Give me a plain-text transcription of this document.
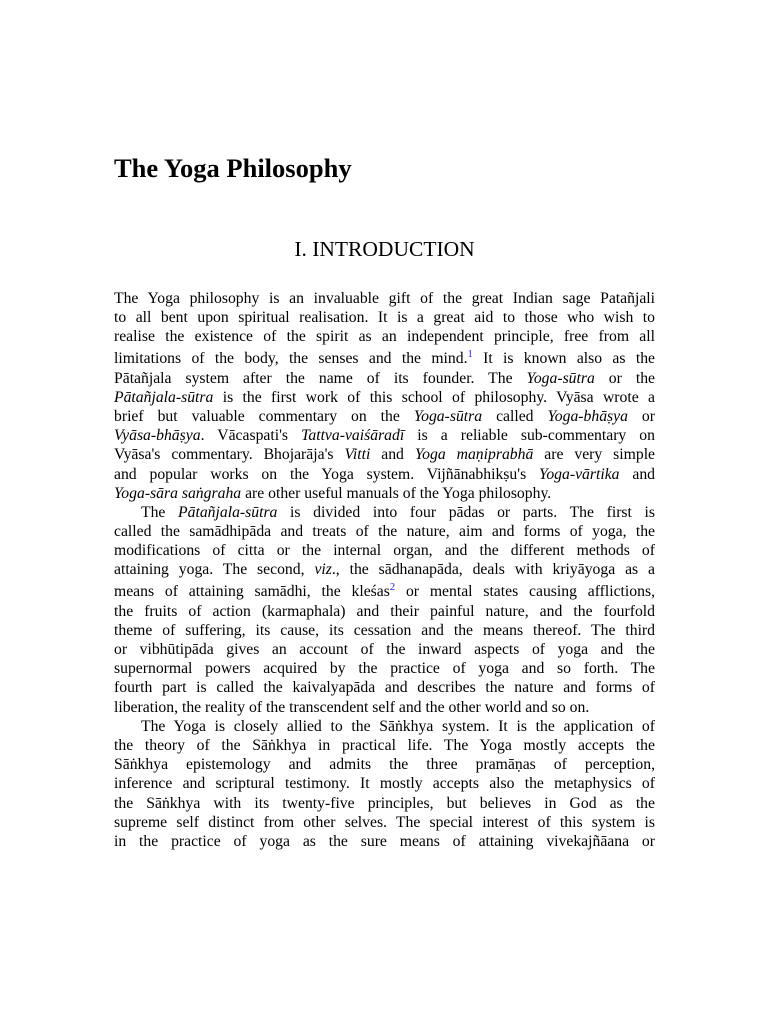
The Yoga Philosophy
I. INTRODUCTION
The Yoga philosophy is an invaluable gift of the great Indian sage Patañjali
to all bent upon spiritual realisation. It is a great aid to those who wish to
realise the existence of the spirit as an independent principle, free from all
limitations of the body, the senses and the mind.$^1$ It is known also as the
Pātañjala system after the name of its founder. The Yoga-sūtra or the
Pātañjala-sūtra is the first work of this school of philosophy. Vyāsa wrote a
brief but valuable commentary on the Yoga-sūtra called Yoga-bhāṣya or
Vyāsa-bhāṣya. Vācaspati's Tattva-vaiśāradī is a reliable sub-commentary on
Vyāsa's commentary. Bhojarāja's Vitti and Yoga maṇiprabhā are very simple
and popular works on the Yoga system. Vijñānabhikṣu's Yoga-vārtika and
Yoga-sāra saṅgraha are other useful manuals of the Yoga philosophy.
The Pātañjala-sūtra is divided into four pādas or parts. The first is
called the samādhipāda and treats of the nature, aim and forms of yoga, the
modifications of citta or the internal organ, and the different methods of
attaining yoga. The second, viz., the sādhanapāda, deals with kriyāyoga as a
means of attaining samādhi, the kleśas$^2$ or mental states causing afflictions,
the fruits of action (karmaphala) and their painful nature, and the fourfold
theme of suffering, its cause, its cessation and the means thereof. The third
or vibhūtipāda gives an account of the inward aspects of yoga and the
supernormal powers acquired by the practice of yoga and so forth. The
fourth part is called the kaivalyapāda and describes the nature and forms of
liberation, the reality of the transcendent self and the other world and so on.
The Yoga is closely allied to the Sāṅkhya system. It is the application of
the theory of the Sāṅkhya in practical life. The Yoga mostly accepts the
Sāṅkhya epistemology and admits the three pramāṇas of perception,
inference and scriptural testimony. It mostly accepts also the metaphysics of
the Sāṅkhya with its twenty-five principles, but believes in God as the
supreme self distinct from other selves. The special interest of this system is
in the practice of yoga as the sure means of attaining vivekajñāana or
